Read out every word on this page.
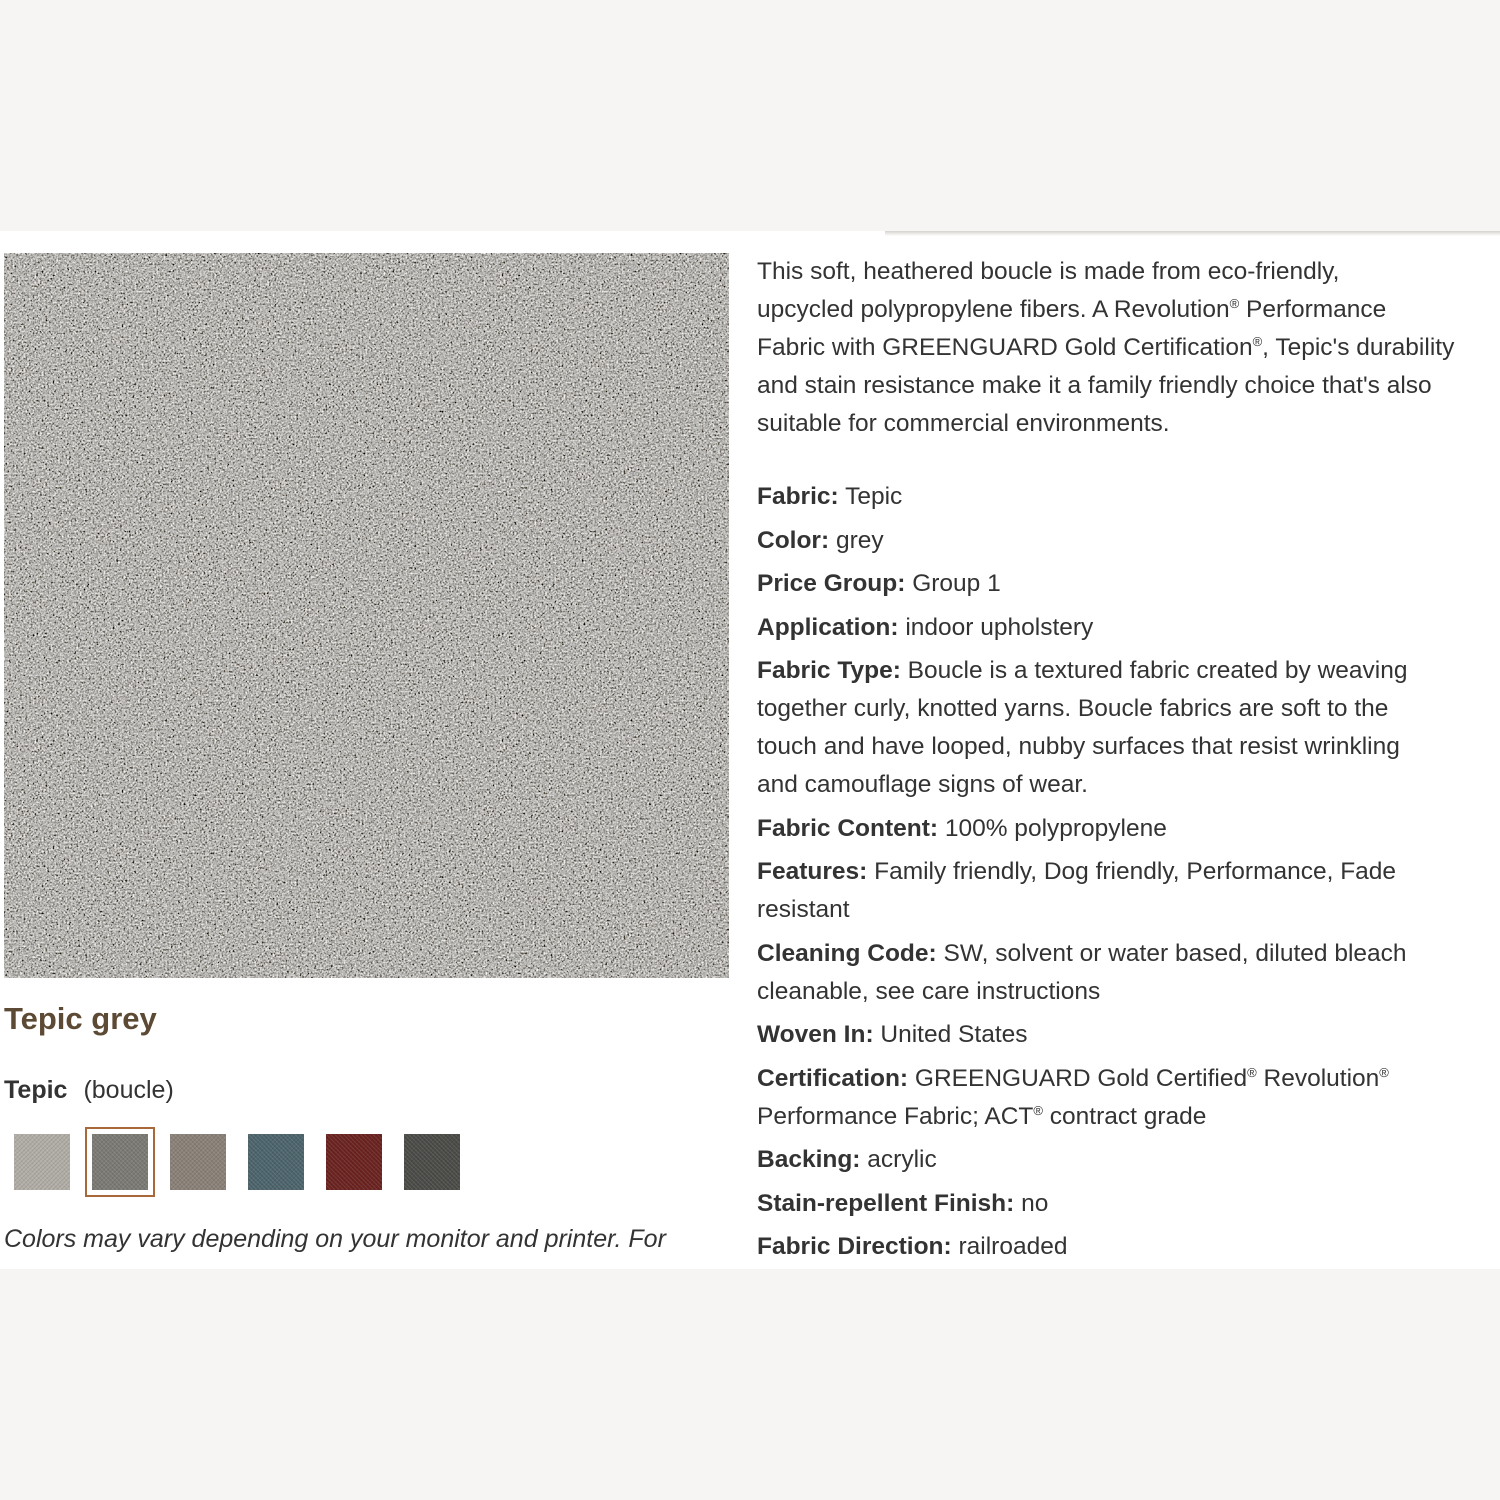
Tepic grey
Tepic (boucle)
Colors may vary depending on your monitor and printer. For
This soft, heathered boucle is made from eco-friendly,
upcycled polypropylene fibers. A Revolution® Performance
Fabric with GREENGUARD Gold Certification®, Tepic's durability
and stain resistance make it a family friendly choice that's also
suitable for commercial environments.
Fabric: Tepic
Color: grey
Price Group: Group 1
Application: indoor upholstery
Fabric Type: Boucle is a textured fabric created by weaving
together curly, knotted yarns. Boucle fabrics are soft to the
touch and have looped, nubby surfaces that resist wrinkling
and camouflage signs of wear.
Fabric Content: 100% polypropylene
Features: Family friendly, Dog friendly, Performance, Fade
resistant
Cleaning Code: SW, solvent or water based, diluted bleach
cleanable, see care instructions
Woven In: United States
Certification: GREENGUARD Gold Certified® Revolution®
Performance Fabric; ACT® contract grade
Backing: acrylic
Stain-repellent Finish: no
Fabric Direction: railroaded
